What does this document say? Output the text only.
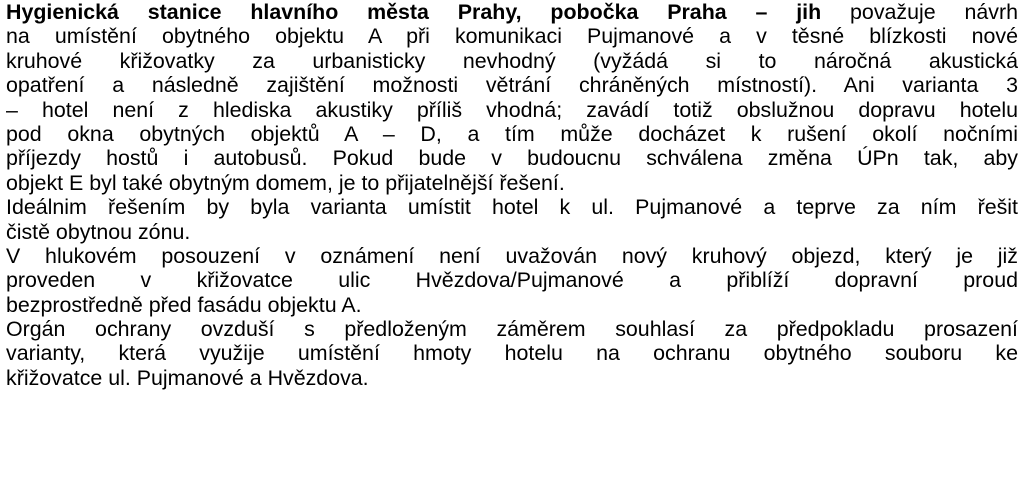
Hygienická stanice hlavního města Prahy, pobočka Praha – jih považuje návrh
na umístění obytného objektu A při komunikaci Pujmanové a v těsné blízkosti nové
kruhové křižovatky za urbanisticky nevhodný (vyžádá si to náročná akustická
opatření a následně zajištění možnosti větrání chráněných místností). Ani varianta 3
– hotel není z hlediska akustiky příliš vhodná; zavádí totiž obslužnou dopravu hotelu
pod okna obytných objektů A – D, a tím může docházet k rušení okolí nočními
příjezdy hostů i autobusů. Pokud bude v budoucnu schválena změna ÚPn tak, aby
objekt E byl také obytným domem, je to přijatelnější řešení.
Ideálnim řešením by byla varianta umístit hotel k ul. Pujmanové a teprve za ním řešit
čistě obytnou zónu.
V hlukovém posouzení v oznámení není uvažován nový kruhový objezd, který je již
proveden v křižovatce ulic Hvězdova/Pujmanové a přiblíží dopravní proud
bezprostředně před fasádu objektu A.
Orgán ochrany ovzduší s předloženým záměrem souhlasí za předpokladu prosazení
varianty, která využije umístění hmoty hotelu na ochranu obytného souboru ke
křižovatce ul. Pujmanové a Hvězdova.
